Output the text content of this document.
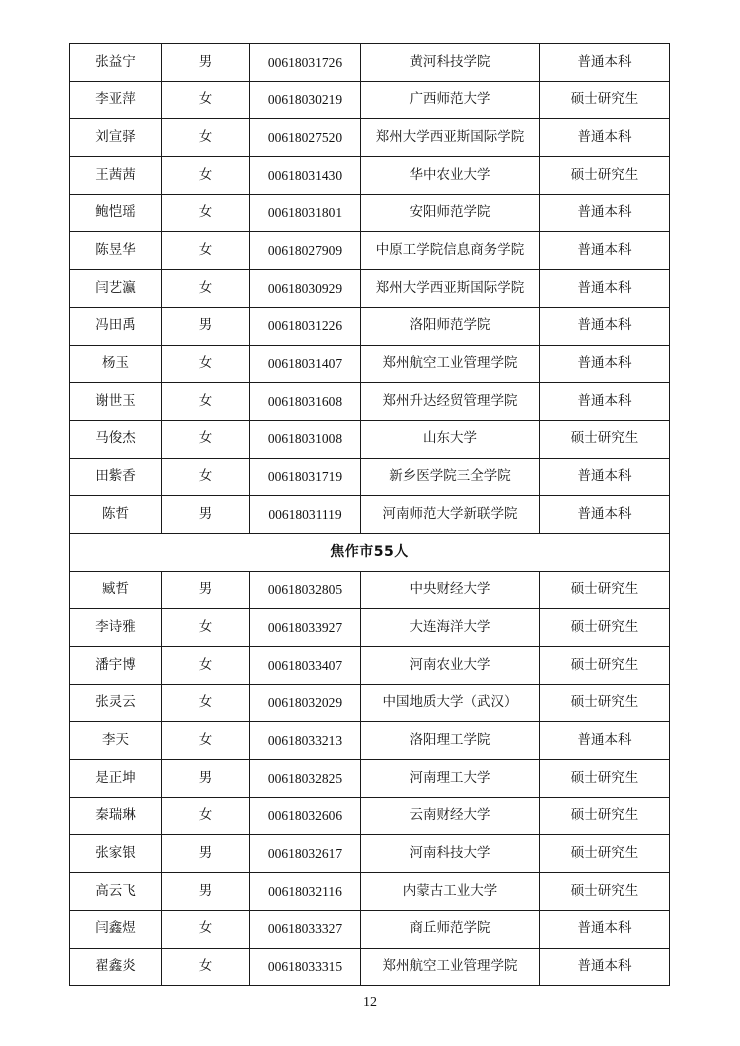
张益宁	男	00618031726	黄河科技学院	普通本科
李亚萍	女	00618030219	广西师范大学	硕士研究生
刘宣驿	女	00618027520	郑州大学西亚斯国际学院	普通本科
王茜茜	女	00618031430	华中农业大学	硕士研究生
鲍恺瑶	女	00618031801	安阳师范学院	普通本科
陈昱华	女	00618027909	中原工学院信息商务学院	普通本科
闫艺瀛	女	00618030929	郑州大学西亚斯国际学院	普通本科
冯田禹	男	00618031226	洛阳师范学院	普通本科
杨玉	女	00618031407	郑州航空工业管理学院	普通本科
谢世玉	女	00618031608	郑州升达经贸管理学院	普通本科
马俊杰	女	00618031008	山东大学	硕士研究生
田紫香	女	00618031719	新乡医学院三全学院	普通本科
陈哲	男	00618031119	河南师范大学新联学院	普通本科
焦作市55人				
臧哲	男	00618032805	中央财经大学	硕士研究生
李诗雅	女	00618033927	大连海洋大学	硕士研究生
潘宇博	女	00618033407	河南农业大学	硕士研究生
张灵云	女	00618032029	中国地质大学（武汉）	硕士研究生
李天	女	00618033213	洛阳理工学院	普通本科
是正坤	男	00618032825	河南理工大学	硕士研究生
秦瑞琳	女	00618032606	云南财经大学	硕士研究生
张家银	男	00618032617	河南科技大学	硕士研究生
高云飞	男	00618032116	内蒙古工业大学	硕士研究生
闫鑫煜	女	00618033327	商丘师范学院	普通本科
翟鑫炎	女	00618033315	郑州航空工业管理学院	普通本科
12
